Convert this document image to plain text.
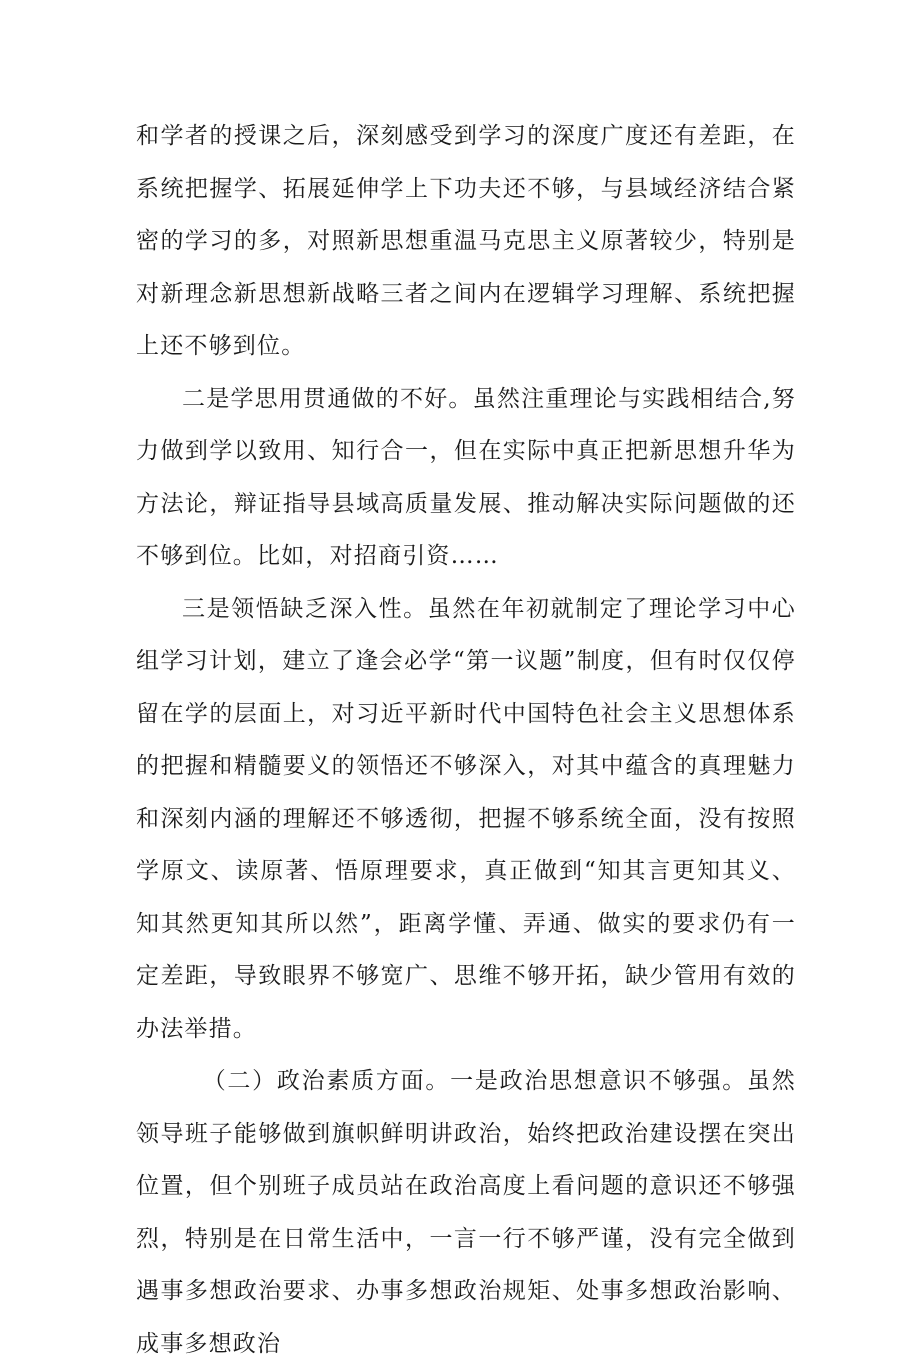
和学者的授课之后，深刻感受到学习的深度广度还有差距，在系统把握学、拓展延伸学上下功夫还不够，与县域经济结合紧密的学习的多，对照新思想重温马克思主义原著较少，特别是对新理念新思想新战略三者之间内在逻辑学习理解、系统把握上还不够到位。

二是学思用贯通做的不好。虽然注重理论与实践相结合,努力做到学以致用、知行合一，但在实际中真正把新思想升华为方法论，辩证指导县域高质量发展、推动解决实际问题做的还不够到位。比如，对招商引资……

三是领悟缺乏深入性。虽然在年初就制定了理论学习中心组学习计划，建立了逢会必学“第一议题”制度，但有时仅仅停留在学的层面上，对习近平新时代中国特色社会主义思想体系的把握和精髓要义的领悟还不够深入，对其中蕴含的真理魅力和深刻内涵的理解还不够透彻，把握不够系统全面，没有按照学原文、读原著、悟原理要求，真正做到“知其言更知其义、知其然更知其所以然”，距离学懂、弄通、做实的要求仍有一定差距，导致眼界不够宽广、思维不够开拓，缺少管用有效的办法举措。

（二）政治素质方面。一是政治思想意识不够强。虽然领导班子能够做到旗帜鲜明讲政治，始终把政治建设摆在突出位置，但个别班子成员站在政治高度上看问题的意识还不够强烈，特别是在日常生活中，一言一行不够严谨，没有完全做到遇事多想政治要求、办事多想政治规矩、处事多想政治影响、成事多想政治
